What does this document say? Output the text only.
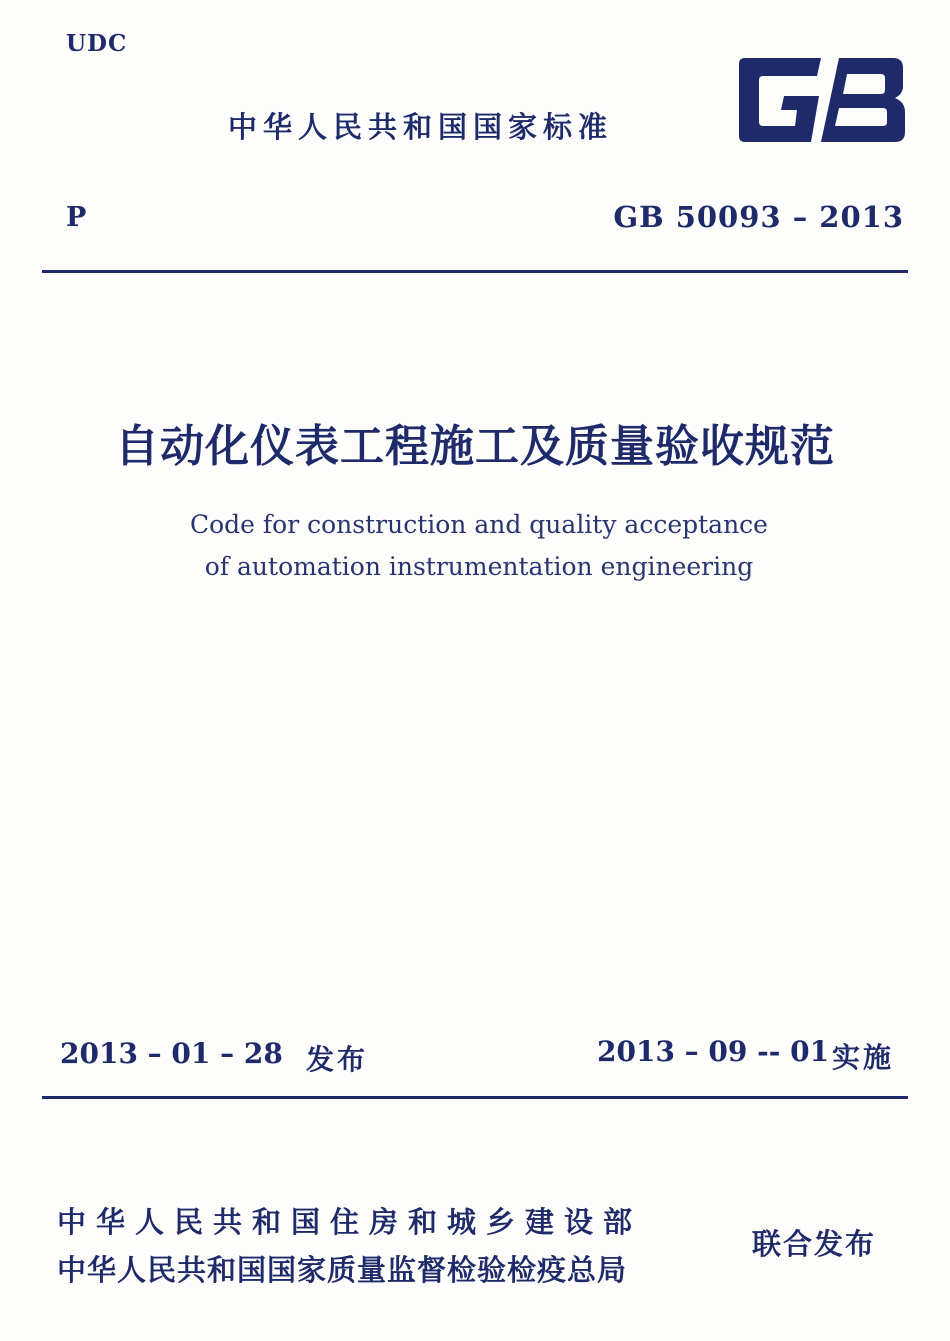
UDC
中华人民共和国国家标准
P	GB 50093 – 2013
自动化仪表工程施工及质量验收规范
Code for construction and quality acceptance
of automation instrumentation engineering
2013 – 01 – 28 发布	2013 – 09 -- 01 实施
中华人民共和国住房和城乡建设部
中华人民共和国国家质量监督检验检疫总局
联合发布
